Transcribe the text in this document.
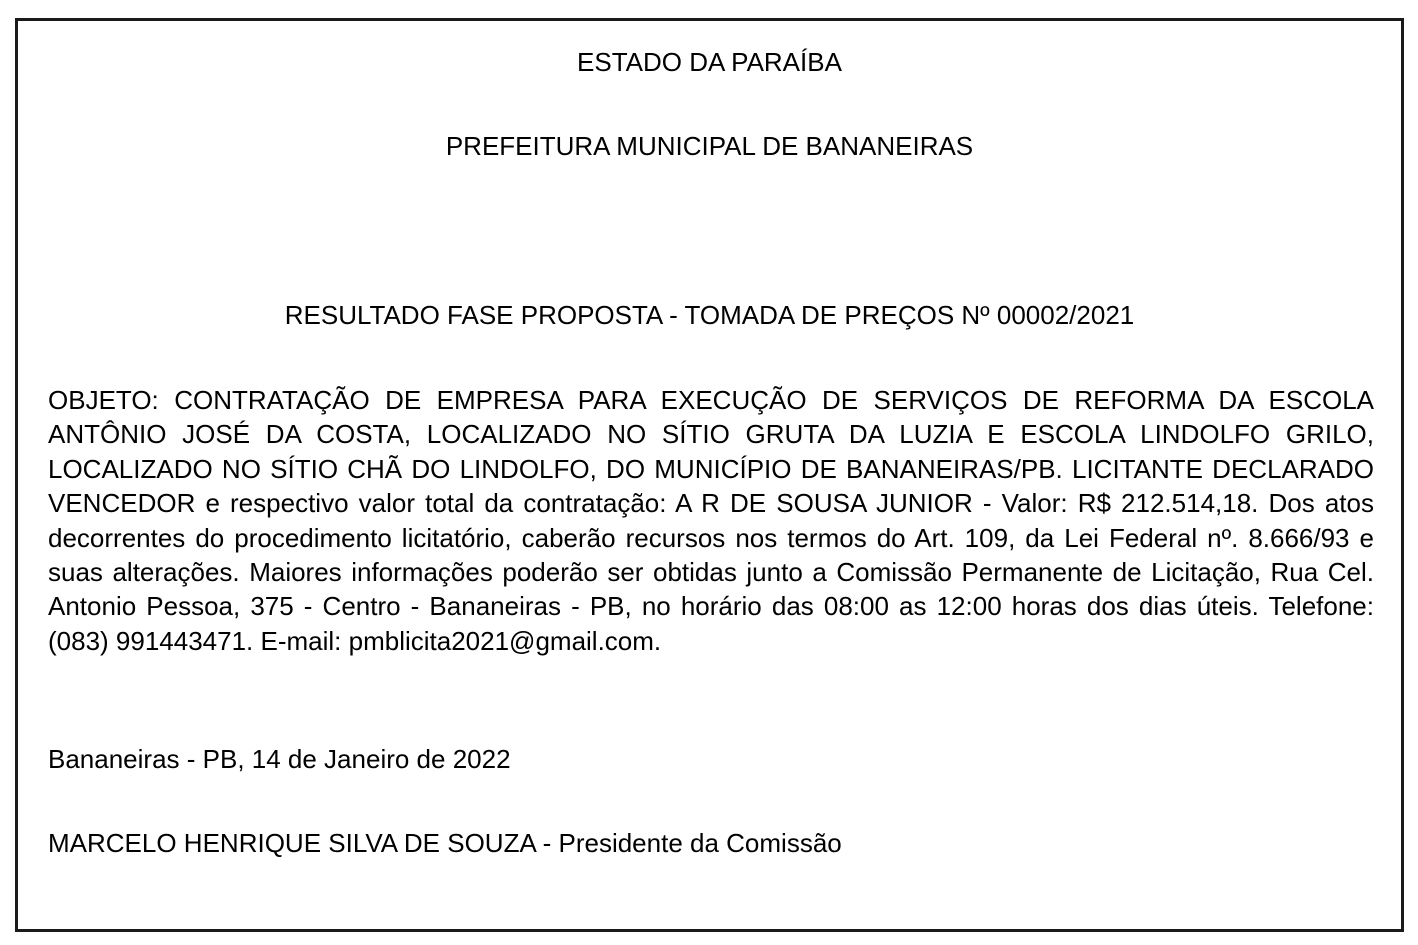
ESTADO DA PARAÍBA
PREFEITURA MUNICIPAL DE BANANEIRAS
RESULTADO FASE PROPOSTA - TOMADA DE PREÇOS Nº 00002/2021

OBJETO: CONTRATAÇÃO DE EMPRESA PARA EXECUÇÃO DE SERVIÇOS DE REFORMA DA ESCOLA ANTÔNIO JOSÉ DA COSTA, LOCALIZADO NO SÍTIO GRUTA DA LUZIA E ESCOLA LINDOLFO GRILO, LOCALIZADO NO SÍTIO CHÃ DO LINDOLFO, DO MUNICÍPIO DE BANANEIRAS/PB. LICITANTE DECLARADO VENCEDOR e respectivo valor total da contratação: A R DE SOUSA JUNIOR - Valor: R$ 212.514,18. Dos atos decorrentes do procedimento licitatório, caberão recursos nos termos do Art. 109, da Lei Federal nº. 8.666/93 e suas alterações. Maiores informações poderão ser obtidas junto a Comissão Permanente de Licitação, Rua Cel. Antonio Pessoa, 375 - Centro - Bananeiras - PB, no horário das 08:00 as 12:00 horas dos dias úteis. Telefone: (083) 991443471. E-mail: pmblicita2021@gmail.com.

Bananeiras - PB, 14 de Janeiro de 2022
MARCELO HENRIQUE SILVA DE SOUZA - Presidente da Comissão
